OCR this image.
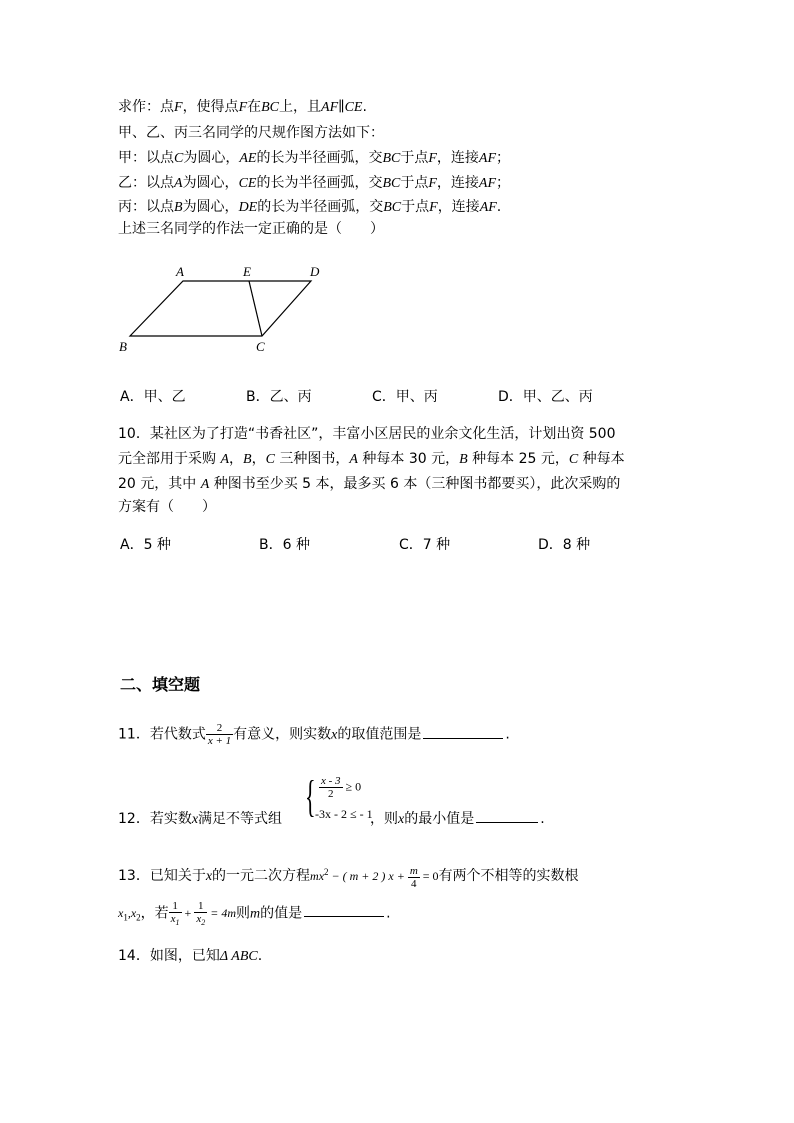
求作：点F，使得点F在BC上，且AF∥CE.
甲、乙、丙三名同学的尺规作图方法如下：
甲：以点C为圆心，AE的长为半径画弧，交BC于点F，连接AF；
乙：以点A为圆心，CE的长为半径画弧，交BC于点F，连接AF；
丙：以点B为圆心，DE的长为半径画弧，交BC于点F，连接AF.
上述三名同学的作法一定正确的是（　　）
A	E	D
B	C
A．甲、乙	B．乙、丙	C．甲、丙	D．甲、乙、丙
10．某社区为了打造“书香社区”，丰富小区居民的业余文化生活，计划出资 500
元全部用于采购 A，B，C 三种图书，A 种每本 30 元，B 种每本 25 元，C 种每本
20 元，其中 A 种图书至少买 5 本，最多买 6 本（三种图书都要买），此次采购的
方案有（　　）
A．5 种	B．6 种	C．7 种	D．8 种
二、填空题
11．若代数式 $\frac{2}{x + 1}$ 有意义，则实数x的取值范围是	.
{ $\frac{x - 3}{2} \ge 0$
-3x - 2 ≤ - 1
12．若实数x满足不等式组	，则x的最小值是	.
13．已知关于x的一元二次方程$mx^2$ − ( m + 2 ) $x + \frac{m}{4} = 0$有两个不相等的实数根
$x_1,x_2$，若 $\frac{1}{x_1} + \frac{1}{x_2} = 4m$则m的值是	.
14．如图，已知Δ ABC.
